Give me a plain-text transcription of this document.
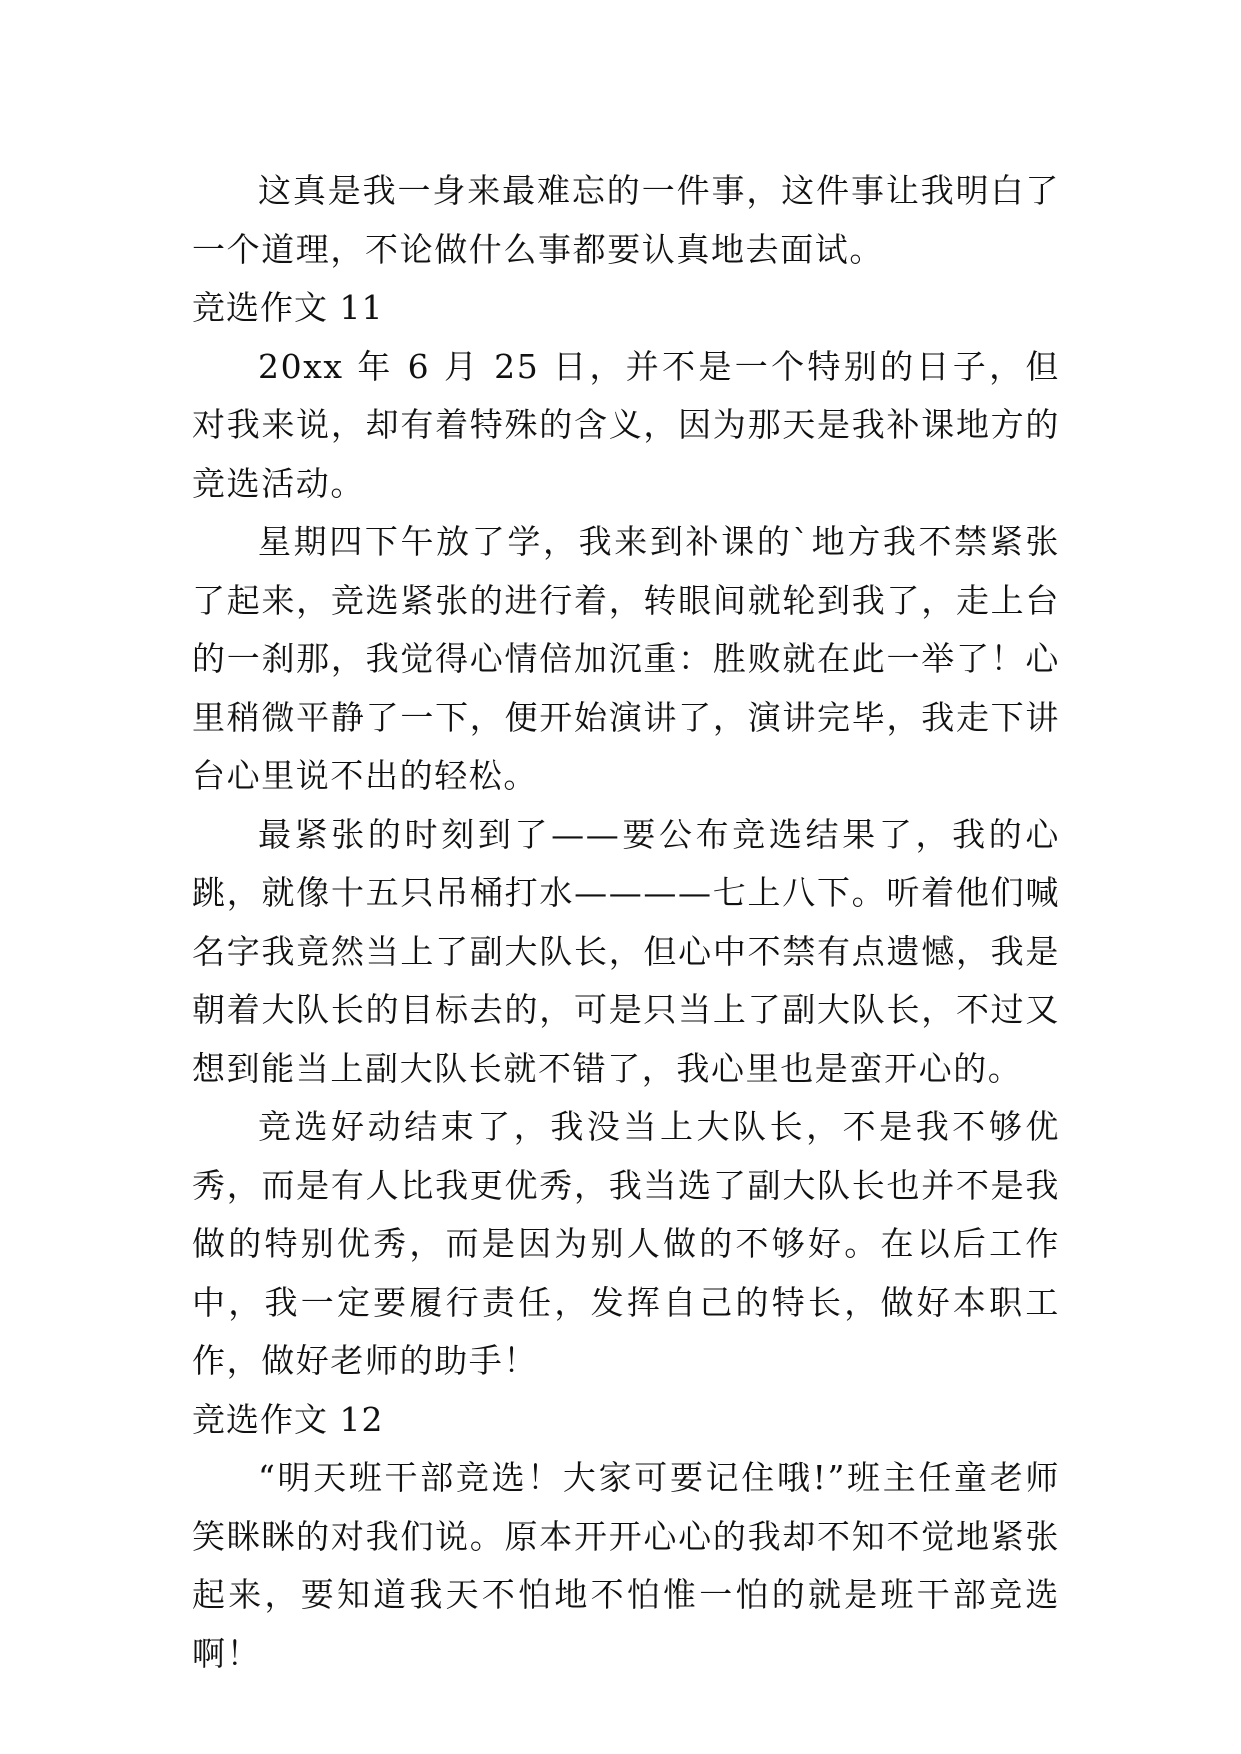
这真是我一身来最难忘的一件事，这件事让我明白了一个道理，不论做什么事都要认真地去面试。

竞选作文 11

20xx 年 6 月 25 日，并不是一个特别的日子，但对我来说，却有着特殊的含义，因为那天是我补课地方的竞选活动。

星期四下午放了学，我来到补课的`地方我不禁紧张了起来，竞选紧张的进行着，转眼间就轮到我了，走上台的一刹那，我觉得心情倍加沉重：胜败就在此一举了！心里稍微平静了一下，便开始演讲了，演讲完毕，我走下讲台心里说不出的轻松。

最紧张的时刻到了——要公布竞选结果了，我的心跳，就像十五只吊桶打水————七上八下。听着他们喊名字我竟然当上了副大队长，但心中不禁有点遗憾，我是朝着大队长的目标去的，可是只当上了副大队长，不过又想到能当上副大队长就不错了，我心里也是蛮开心的。

竞选好动结束了，我没当上大队长，不是我不够优秀，而是有人比我更优秀，我当选了副大队长也并不是我做的特别优秀，而是因为别人做的不够好。在以后工作中，我一定要履行责任，发挥自己的特长，做好本职工作，做好老师的助手！

竞选作文 12

“明天班干部竞选！大家可要记住哦!”班主任童老师笑眯眯的对我们说。原本开开心心的我却不知不觉地紧张起来，要知道我天不怕地不怕惟一怕的就是班干部竞选啊！
